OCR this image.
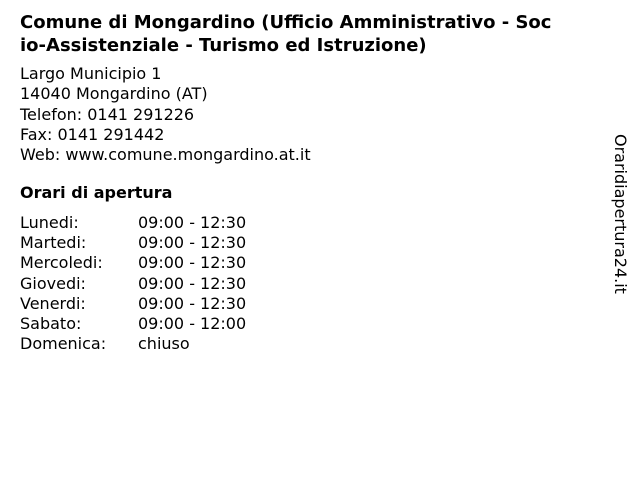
Comune di Mongardino (Ufficio Amministrativo - Soc
io-Assistenziale - Turismo ed Istruzione)
Largo Municipio 1
14040 Mongardino (AT)
Telefon: 0141 291226
Fax: 0141 291442
Web: www.comune.mongardino.at.it
Orari di apertura
Lunedi:	09:00 - 12:30
Martedi:	09:00 - 12:30
Mercoledi:	09:00 - 12:30
Giovedi:	09:00 - 12:30
Venerdi:	09:00 - 12:30
Sabato:	09:00 - 12:00
Domenica:	chiuso
Oraridiapertura24.it
